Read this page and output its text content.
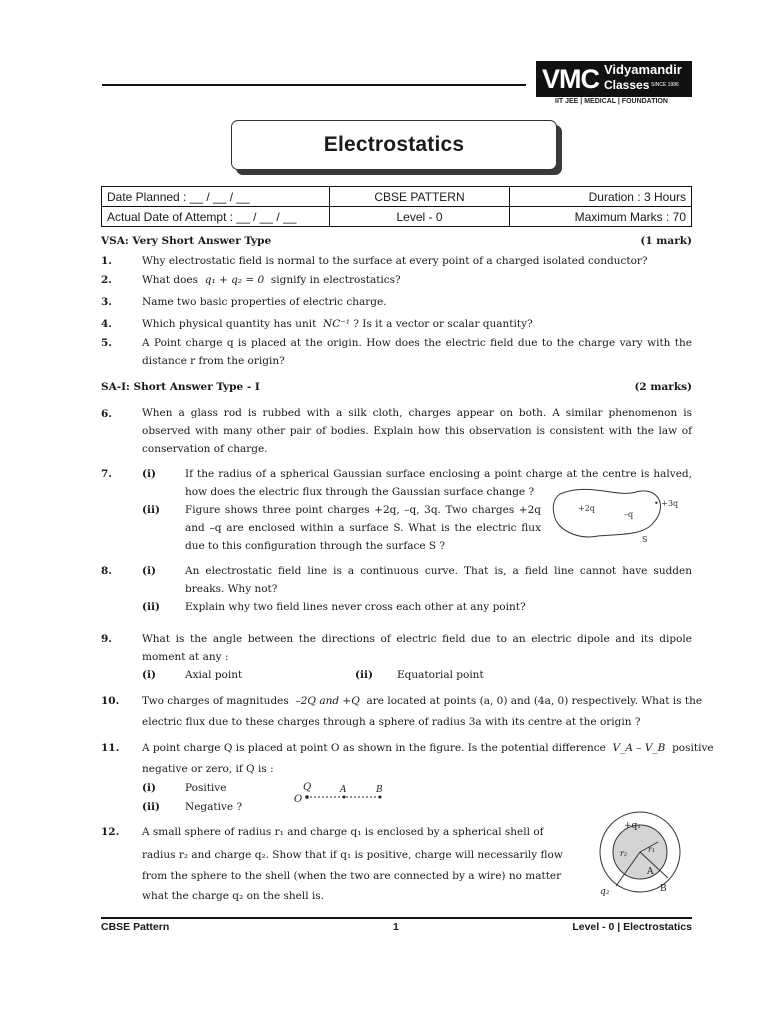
VMC Vidyamandir
Classes SINCE 1986
IIT JEE | MEDICAL | FOUNDATION
Electrostatics
Date Planned : __ / __ / __	CBSE PATTERN	Duration : 3 Hours
Actual Date of Attempt : __ / __ / __	Level - 0	Maximum Marks : 70
VSA: Very Short Answer Type	(1 mark)
1.	Why electrostatic field is normal to the surface at every point of a charged isolated conductor?
2.	What does q₁ + q₂ = 0 signify in electrostatics?
3.	Name two basic properties of electric charge.
4.	Which physical quantity has unit NC⁻¹ ? Is it a vector or scalar quantity?
5.	A Point charge q is placed at the origin. How does the electric field due to the charge vary with the distance r from the origin?
SA-I: Short Answer Type - I	(2 marks)
6.	When a glass rod is rubbed with a silk cloth, charges appear on both. A similar phenomenon is observed with many other pair of bodies. Explain how this observation is consistent with the law of conservation of charge.
7.	(i)	If the radius of a spherical Gaussian surface enclosing a point charge at the centre is halved, how does the electric flux through the Gaussian surface change ?
(ii) Figure shows three point charges +2q, –q, 3q. Two charges +2q and –q are enclosed within a surface S. What is the electric flux due to this configuration through the surface S ?
+2q
–q
• +3q
S
8.	(i)	An electrostatic field line is a continuous curve. That is, a field line cannot have sudden breaks. Why not?
(ii) Explain why two field lines never cross each other at any point?
9.	What is the angle between the directions of electric field due to an electric dipole and its dipole moment at any :
(i)	Axial point	(ii) Equatorial point
10. Two charges of magnitudes –2Q and +Q are located at points (a, 0) and (4a, 0) respectively. What is the
electric flux due to these charges through a sphere of radius 3a with its centre at the origin ?
11. A point charge Q is placed at point O as shown in the figure. Is the potential difference V_A – V_B positive
negative or zero, if Q is :
(i)	Positive
(ii) Negative ?
Q	A	B
O
12. A small sphere of radius r₁ and charge q₁ is enclosed by a spherical shell of
radius r₂ and charge q₂. Show that if q₁ is positive, charge will necessarily flow
from the sphere to the shell (when the two are connected by a wire) no matter
what the charge q₂ on the shell is.
+q₁
r₁
r₂
q₂
A
B
CBSE Pattern	1	Level - 0 | Electrostatics
